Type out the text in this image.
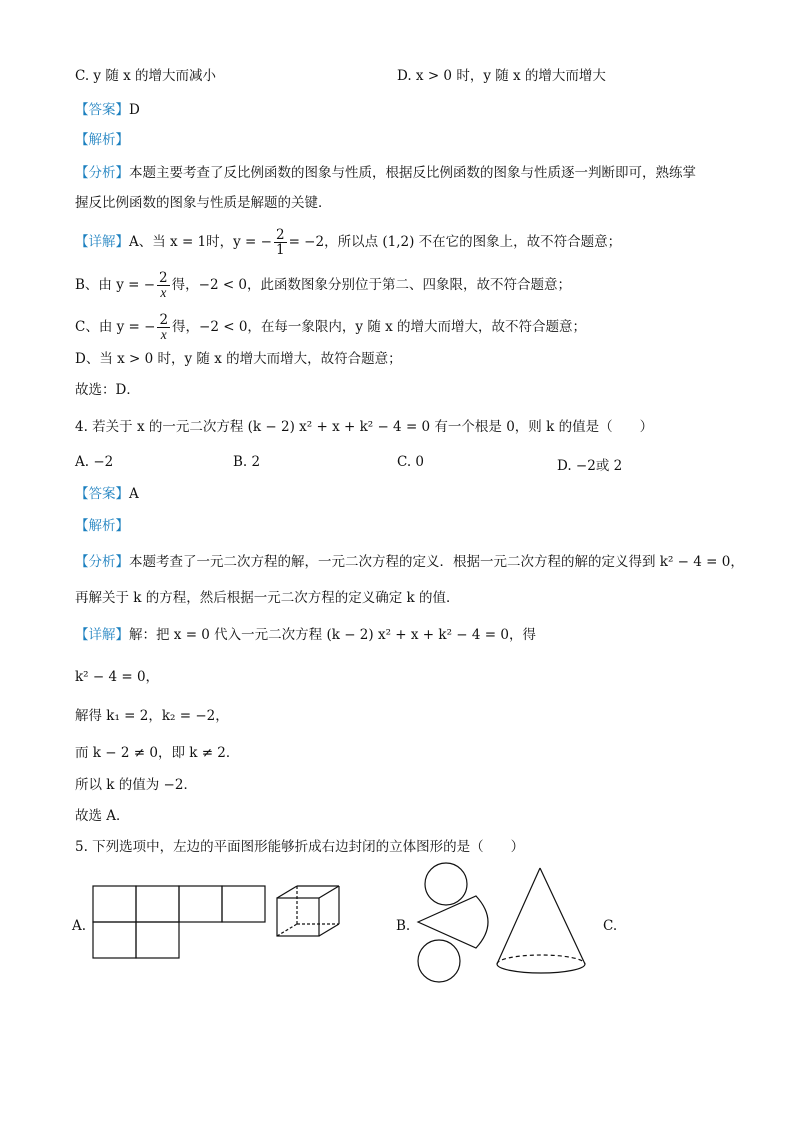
C. y 随 x 的增大而减小	D. x > 0 时，y 随 x 的增大而增大
【答案】D
【解析】
【分析】本题主要考查了反比例函数的图象与性质，根据反比例函数的图象与性质逐一判断即可，熟练掌
握反比例函数的图象与性质是解题的关键．
【详解】A、当 x = 1时，y = − $\frac{2}{1} = -2$，所以点 (1,2) 不在它的图象上，故不符合题意；
B、由 y = − $\frac{2}{x}$ 得，−2 < 0，此函数图象分别位于第二、四象限，故不符合题意；
C、由 y = − $\frac{2}{x}$ 得，−2 < 0，在每一象限内，y 随 x 的增大而增大，故不符合题意；
D、当 x > 0 时，y 随 x 的增大而增大，故符合题意；
故选：D．
4. 若关于 x 的一元二次方程 (k − 2) x² + x + k² − 4 = 0 有一个根是 0，则 k 的值是（　　）
A. −2	B. 2	C. 0	D. −2或 2
【答案】A
【解析】
【分析】本题考查了一元二次方程的解，一元二次方程的定义．根据一元二次方程的解的定义得到 k² − 4 = 0，
再解关于 k 的方程，然后根据一元二次方程的定义确定 k 的值．
【详解】解：把 x = 0 代入一元二次方程 (k − 2) x² + x + k² − 4 = 0，得
k² − 4 = 0，
解得 k₁ = 2，k₂ = −2，
而 k − 2 ≠ 0，即 k ≠ 2．
所以 k 的值为 −2．
故选 A．
5. 下列选项中，左边的平面图形能够折成右边封闭的立体图形的是（　　）
A.	B.	C.
